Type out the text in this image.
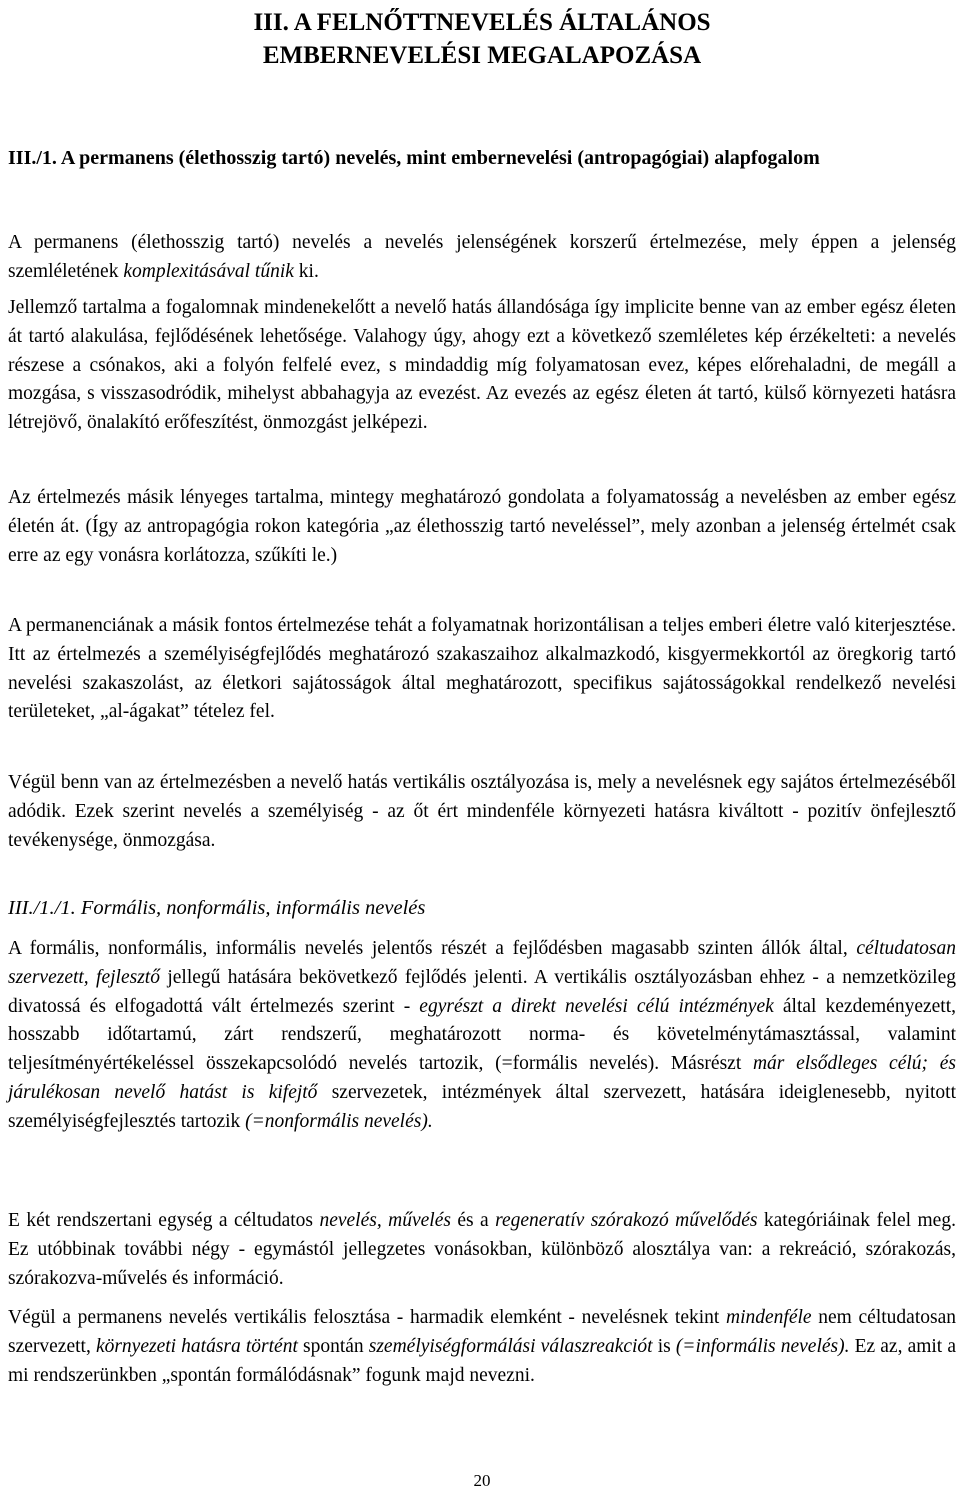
III. A FELNŐTTNEVELÉS ÁLTALÁNOS
EMBERNEVELÉSI MEGALAPOZÁSA
III./1. A permanens (élethosszig tartó) nevelés, mint embernevelési (antropagógiai) alapfogalom

A permanens (élethosszig tartó) nevelés a nevelés jelenségének korszerű értelmezése, mely éppen a jelenség szemléletének komplexitásával tűnik ki.

Jellemző tartalma a fogalomnak mindenekelőtt a nevelő hatás állandósága így implicite benne van az ember egész életen át tartó alakulása, fejlődésének lehetősége. Valahogy úgy, ahogy ezt a következő szemléletes kép érzékelteti: a nevelés részese a csónakos, aki a folyón felfelé evez, s mindaddig míg folyamatosan evez, képes előrehaladni, de megáll a mozgása, s visszasodródik, mihelyst abbahagyja az evezést. Az evezés az egész életen át tartó, külső környezeti hatásra létrejövő, önalakító erőfeszítést, önmozgást jelképezi.

Az értelmezés másik lényeges tartalma, mintegy meghatározó gondolata a folyamatosság a nevelésben az ember egész életén át. (Így az antropagógia rokon kategória „az élethosszig tartó neveléssel”, mely azonban a jelenség értelmét csak erre az egy vonásra korlátozza, szűkíti le.)

A permanenciának a másik fontos értelmezése tehát a folyamatnak horizontálisan a teljes emberi életre való kiterjesztése. Itt az értelmezés a személyiségfejlődés meghatározó szakaszaihoz alkalmazkodó, kisgyermekkortól az öregkorig tartó nevelési szakaszolást, az életkori sajátosságok által meghatározott, specifikus sajátosságokkal rendelkező nevelési területeket, „al-ágakat” tételez fel.

Végül benn van az értelmezésben a nevelő hatás vertikális osztályozása is, mely a nevelésnek egy sajátos értelmezéséből adódik. Ezek szerint nevelés a személyiség - az őt ért mindenféle környezeti hatásra kiváltott - pozitív önfejlesztő tevékenysége, önmozgása.

III./1./1. Formális, nonformális, informális nevelés

A formális, nonformális, informális nevelés jelentős részét a fejlődésben magasabb szinten állók által, céltudatosan szervezett, fejlesztő jellegű hatására bekövetkező fejlődés jelenti. A vertikális osztályozásban ehhez - a nemzetközileg divatossá és elfogadottá vált értelmezés szerint - egyrészt a direkt nevelési célú intézmények által kezdeményezett, hosszabb időtartamú, zárt rendszerű, meghatározott norma- és követelménytámasztással, valamint teljesítményértékeléssel összekapcsolódó nevelés tartozik, (=formális nevelés). Másrészt már elsődleges célú; és járulékosan nevelő hatást is kifejtő szervezetek, intézmények által szervezett, hatására ideiglenesebb, nyitott személyiségfejlesztés tartozik (=nonformális nevelés).

E két rendszertani egység a céltudatos nevelés, művelés és a regeneratív szórakozó művelődés kategóriáinak felel meg. Ez utóbbinak további négy - egymástól jellegzetes vonásokban, különböző alosztálya van: a rekreáció, szórakozás, szórakozva-művelés és információ.

Végül a permanens nevelés vertikális felosztása - harmadik elemként - nevelésnek tekint mindenféle nem céltudatosan szervezett, környezeti hatásra történt spontán személyiségformálási válaszreakciót is (=informális nevelés). Ez az, amit a mi rendszerünkben „spontán formálódásnak” fogunk majd nevezni.

20
